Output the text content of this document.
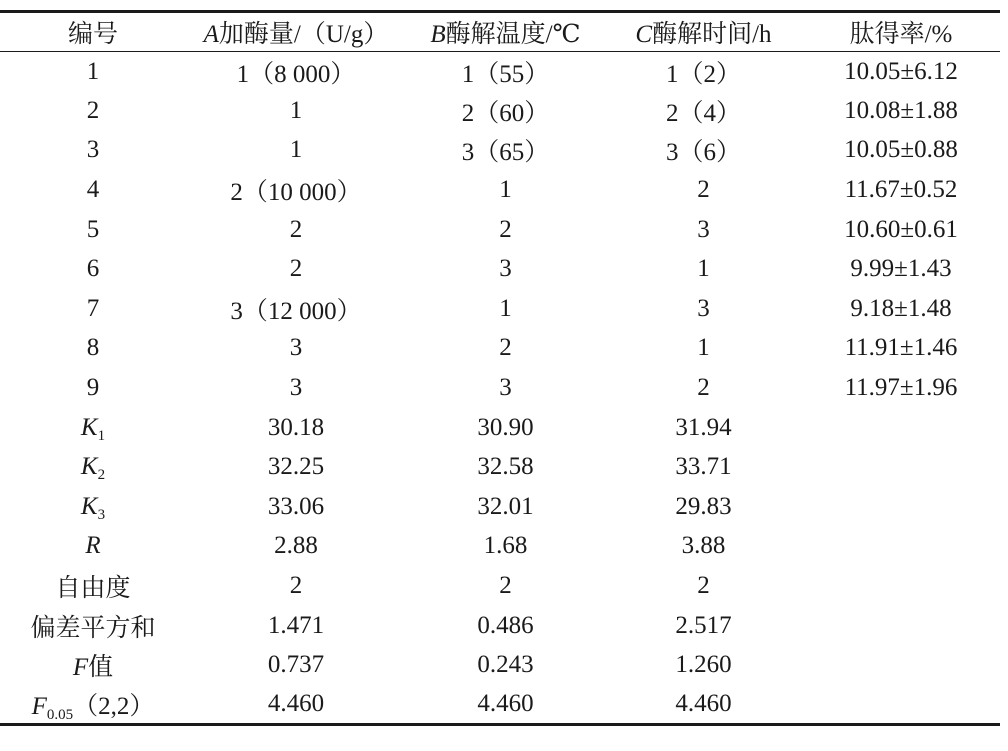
编号	A加酶量/（U/g）	B酶解温度/℃	C酶解时间/h	肽得率/%
1	1（8 000）	1（55）	1（2）	10.05±6.12
2	1	2（60）	2（4）	10.08±1.88
3	1	3（65）	3（6）	10.05±0.88
4	2（10 000）	1	2	11.67±0.52
5	2	2	3	10.60±0.61
6	2	3	1	9.99±1.43
7	3（12 000）	1	3	9.18±1.48
8	3	2	1	11.91±1.46
9	3	3	2	11.97±1.96
$K_1$	30.18	30.90	31.94	
$K_2$	32.25	32.58	33.71	
$K_3$	33.06	32.01	29.83	
R	2.88	1.68	3.88	
自由度	2	2	2	
偏差平方和	1.471	0.486	2.517	
F值	0.737	0.243	1.260	
$F_{0.05}(2,2)$	4.460	4.460	4.460	
